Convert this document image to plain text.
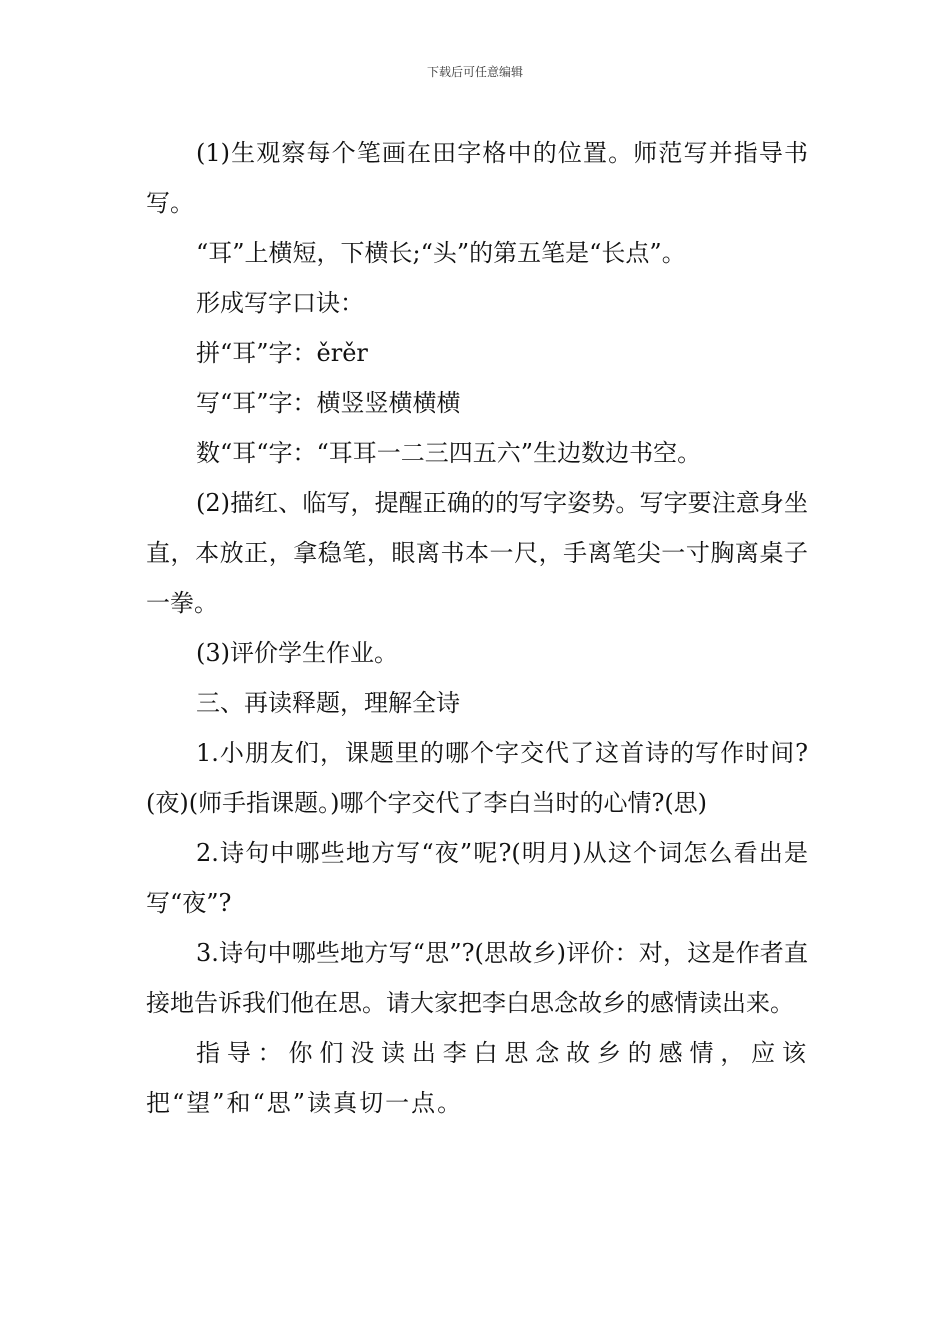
下载后可任意编辑

(1)生观察每个笔画在田字格中的位置。师范写并指导书写。

“耳”上横短，下横长;“头”的第五笔是“长点”。

形成写字口诀：

拼“耳”字：ěrěr

写“耳”字：横竖竖横横横

数“耳“字：“耳耳一二三四五六”生边数边书空。

(2)描红、临写，提醒正确的的写字姿势。写字要注意身坐直，本放正，拿稳笔，眼离书本一尺，手离笔尖一寸胸离桌子一拳。

(3)评价学生作业。

三、再读释题，理解全诗

1.小朋友们，课题里的哪个字交代了这首诗的写作时间?(夜)(师手指课题。)哪个字交代了李白当时的心情?(思)

2.诗句中哪些地方写“夜”呢?(明月)从这个词怎么看出是写“夜”?

3.诗句中哪些地方写“思”?(思故乡)评价：对，这是作者直接地告诉我们他在思。请大家把李白思念故乡的感情读出来。

指导：你们没读出李白思念故乡的感情，应该把“望”和“思”读真切一点。
